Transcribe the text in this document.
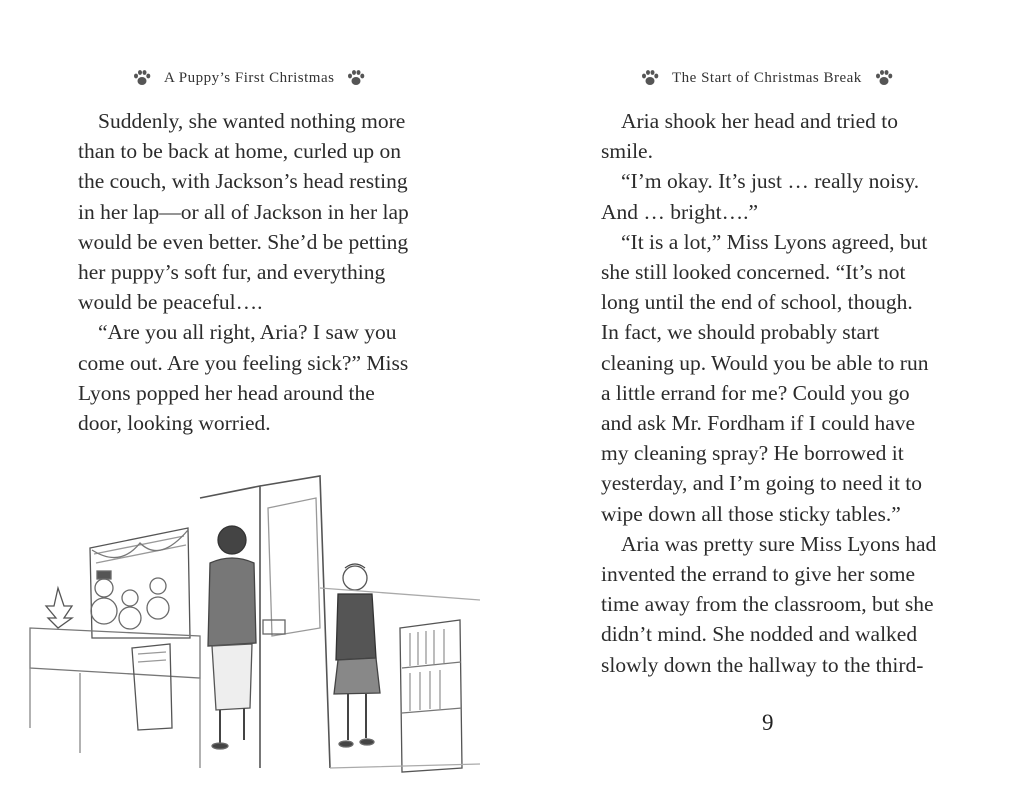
A Puppy’s First Christmas

Suddenly, she wanted nothing more
than to be back at home, curled up on
the couch, with Jackson’s head resting
in her lap—or all of Jackson in her lap
would be even better. She’d be petting
her puppy’s soft fur, and everything
would be peaceful….

“Are you all right, Aria? I saw you
come out. Are you feeling sick?” Miss
Lyons popped her head around the
door, looking worried.

The Start of Christmas Break

Aria shook her head and tried to
smile.

“I’m okay. It’s just … really noisy.
And … bright….”

“It is a lot,” Miss Lyons agreed, but
she still looked concerned. “It’s not
long until the end of school, though.
In fact, we should probably start
cleaning up. Would you be able to run
a little errand for me? Could you go
and ask Mr. Fordham if I could have
my cleaning spray? He borrowed it
yesterday, and I’m going to need it to
wipe down all those sticky tables.”

Aria was pretty sure Miss Lyons had
invented the errand to give her some
time away from the classroom, but she
didn’t mind. She nodded and walked
slowly down the hallway to the third-

9
